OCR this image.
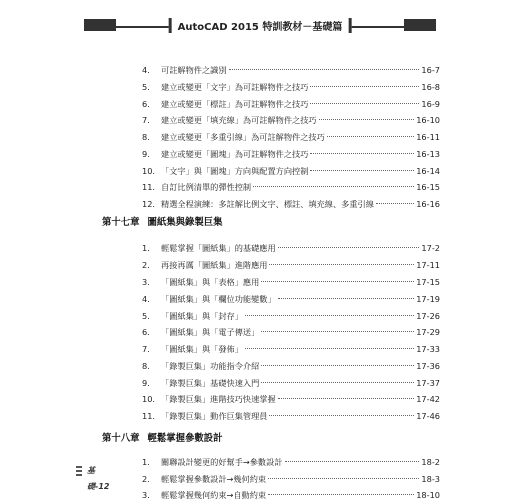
AutoCAD 2015 特訓教材－基礎篇
4.	可註解物件之識別	16-7
5.	建立或變更「文字」為可註解物件之技巧	16-8
6.	建立或變更「標註」為可註解物件之技巧	16-9
7.	建立或變更「填充線」為可註解物件之技巧	16-10
8.	建立或變更「多重引線」為可註解物件之技巧	16-11
9.	建立或變更「圖塊」為可註解物件之技巧	16-13
10. 「文字」與「圖塊」方向與配置方向控制	16-14
11. 自訂比例清單的彈性控制	16-15
12. 精選全程演練：多註解比例文字、標註、填充線、多重引線	16-16
第十七章 圖紙集與錄製巨集
1.	輕鬆掌握「圖紙集」的基礎應用	17-2
2.	再接再厲「圖紙集」進階應用	17-11
3.	「圖紙集」與「表格」應用	17-15
4.	「圖紙集」與「欄位功能變數」	17-19
5.	「圖紙集」與「封存」	17-26
6.	「圖紙集」與「電子傳送」	17-29
7.	「圖紙集」與「發佈」	17-33
8.	「錄製巨集」功能指令介紹	17-36
9.	「錄製巨集」基礎快速入門	17-37
10. 「錄製巨集」進階技巧快速掌握	17-42
11. 「錄製巨集」動作巨集管理員	17-46
第十八章 輕鬆掌握參數設計
1.	關聯設計變更的好幫手→參數設計	18-2
2.	輕鬆掌握參數設計→幾何約束	18-3
3.	輕鬆掌握幾何約束→自動約束	18-10
基礎-12
